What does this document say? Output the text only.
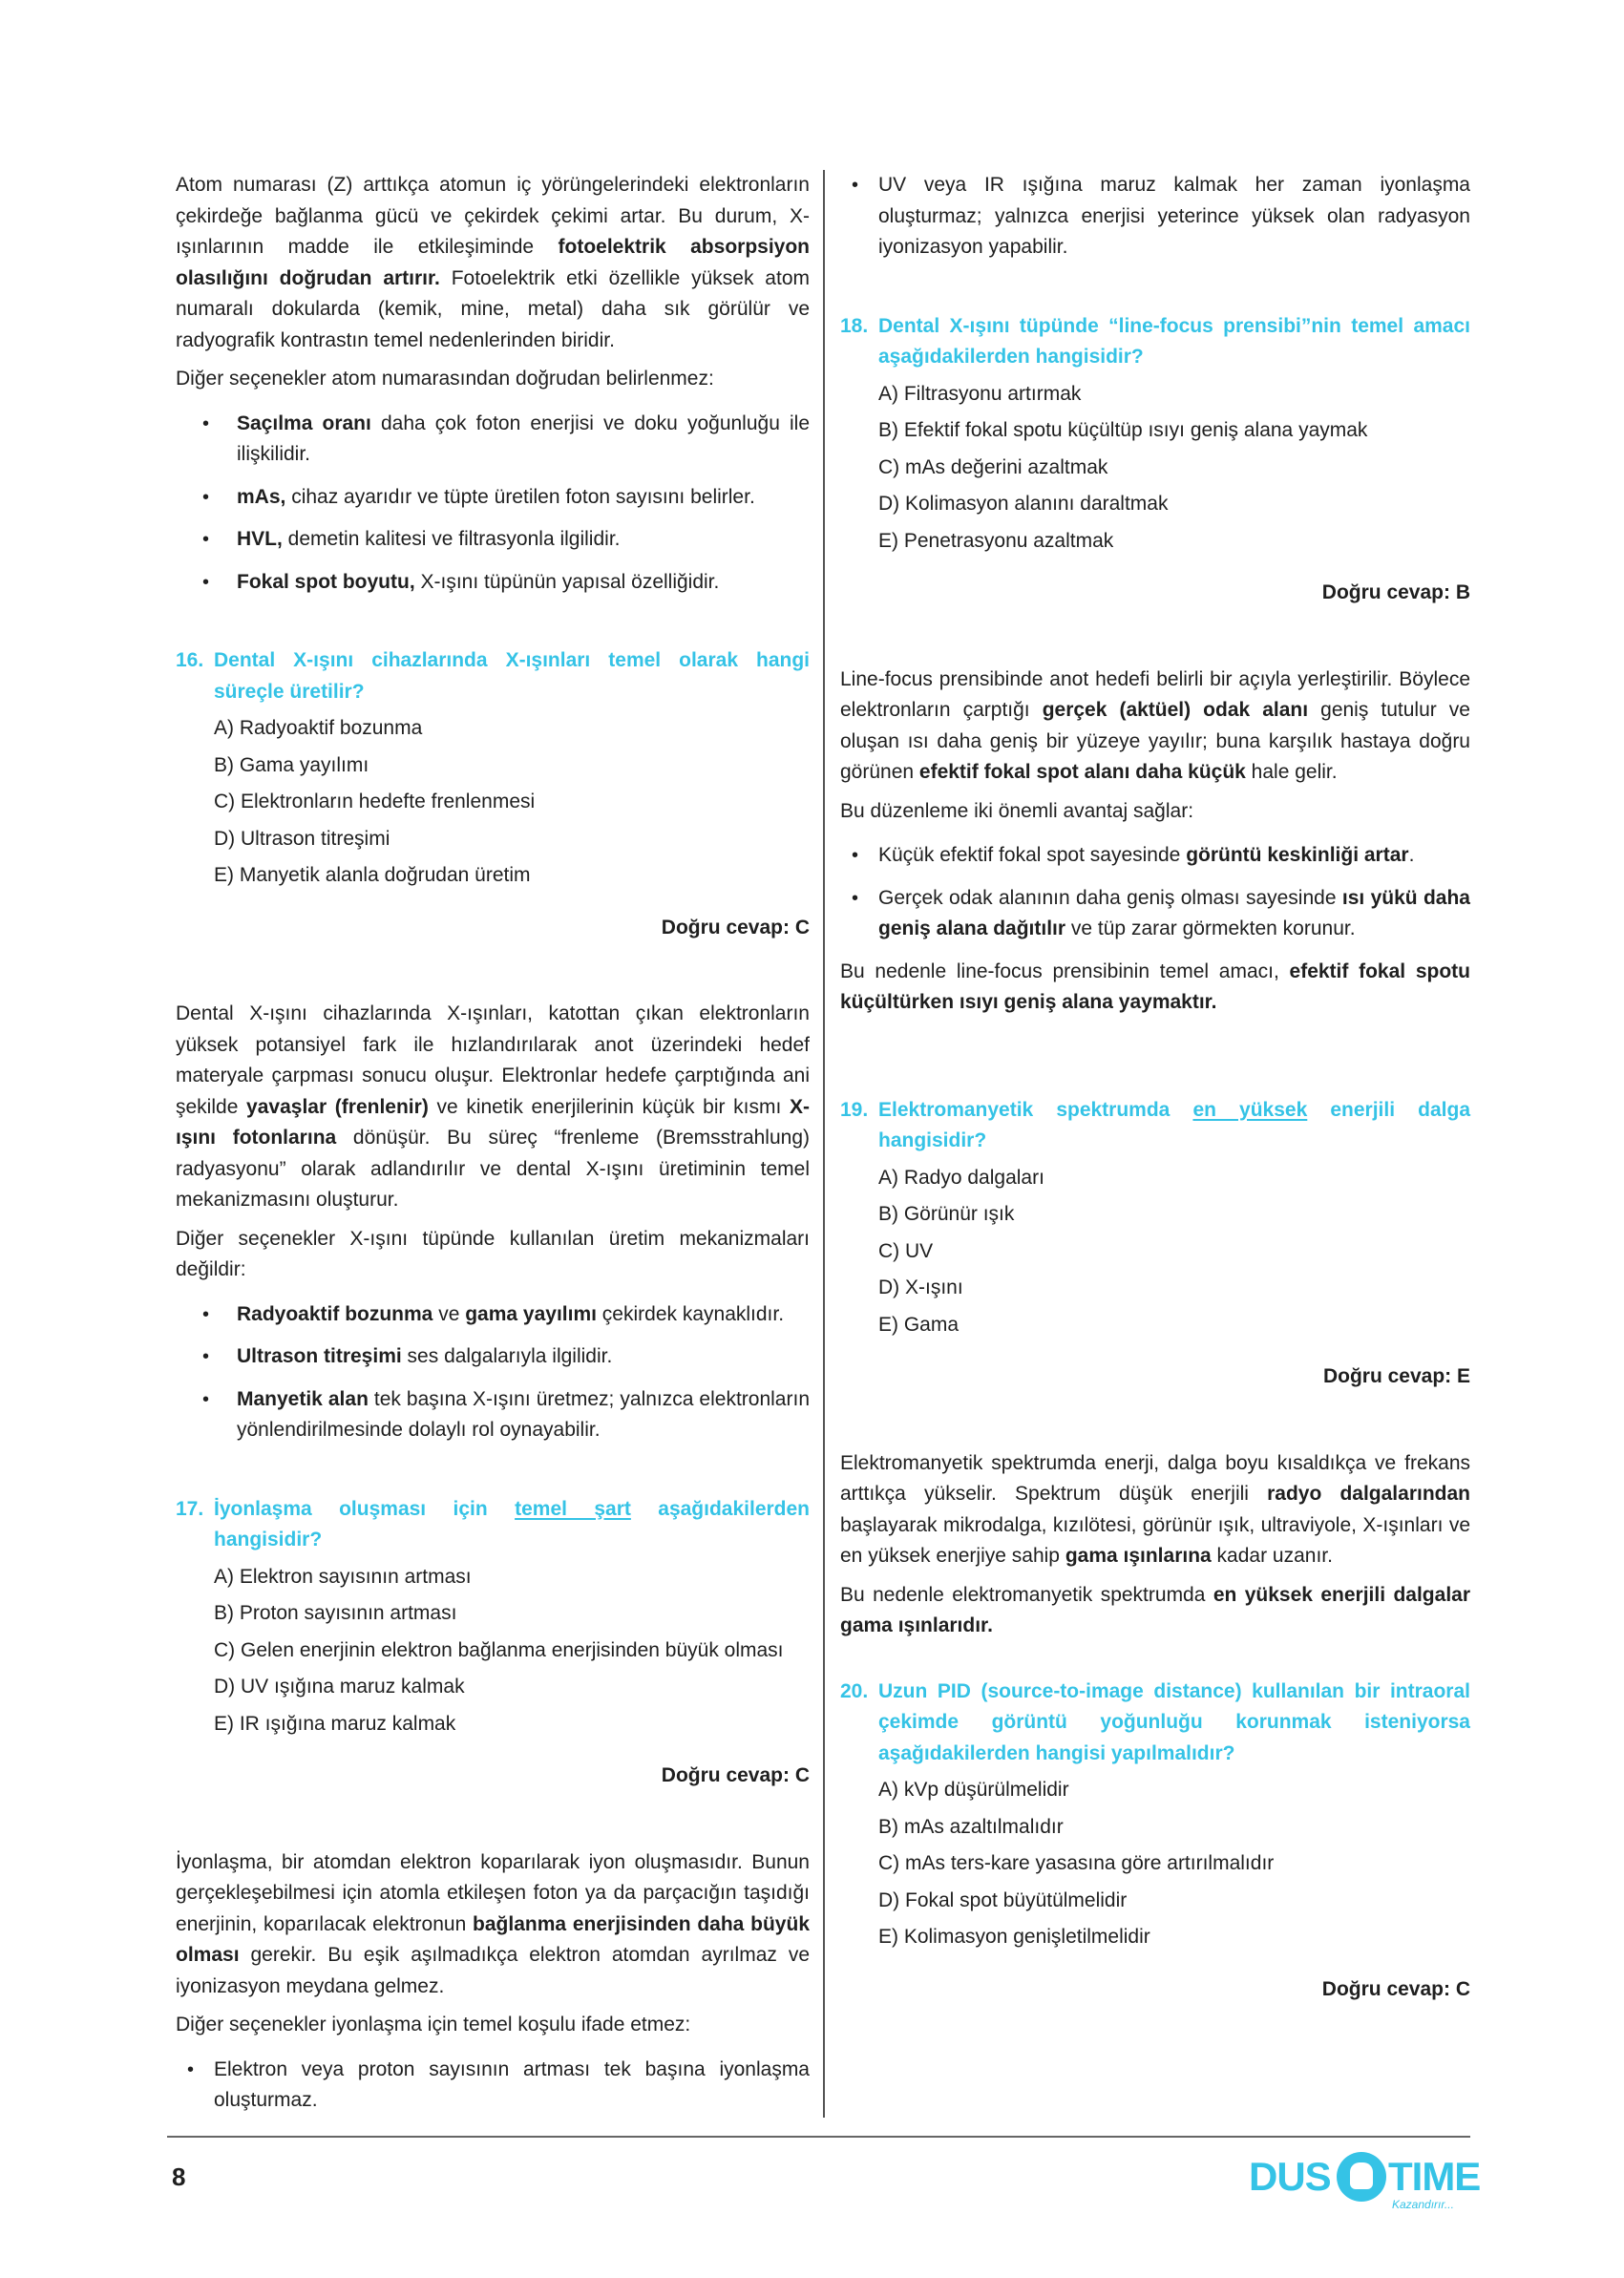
Atom numarası (Z) arttıkça atomun iç yörüngelerindeki elektronların çekirdeğe bağlanma gücü ve çekirdek çekimi artar. Bu durum, X-ışınlarının madde ile etkileşiminde fotoelektrik absorpsiyon olasılığını doğrudan artırır. Fotoelektrik etki özellikle yüksek atom numaralı dokularda (kemik, mine, metal) daha sık görülür ve radyografik kontrastın temel nedenlerinden biridir.

Diğer seçenekler atom numarasından doğrudan belirlenmez:

• Saçılma oranı daha çok foton enerjisi ve doku yoğunluğu ile ilişkilidir.
• mAs, cihaz ayarıdır ve tüpte üretilen foton sayısını belirler.
• HVL, demetin kalitesi ve filtrasyonla ilgilidir.
• Fokal spot boyutu, X-ışını tüpünün yapısal özelliğidir.
16. Dental X-ışını cihazlarında X-ışınları temel olarak hangi süreçle üretilir?
A) Radyoaktif bozunma
B) Gama yayılımı
C) Elektronların hedefte frenlenmesi
D) Ultrason titreşimi
E) Manyetik alanla doğrudan üretim
Doğru cevap: C

Dental X-ışını cihazlarında X-ışınları, katottan çıkan elektronların yüksek potansiyel fark ile hızlandırılarak anot üzerindeki hedef materyale çarpması sonucu oluşur. Elektronlar hedefe çarptığında ani şekilde yavaşlar (frenlenir) ve kinetik enerjilerinin küçük bir kısmı X-ışını fotonlarına dönüşür. Bu süreç “frenleme (Bremsstrahlung) radyasyonu” olarak adlandırılır ve dental X-ışını üretiminin temel mekanizmasını oluşturur.

Diğer seçenekler X-ışını tüpünde kullanılan üretim mekanizmaları değildir:

• Radyoaktif bozunma ve gama yayılımı çekirdek kaynaklıdır.
• Ultrason titreşimi ses dalgalarıyla ilgilidir.
• Manyetik alan tek başına X-ışını üretmez; yalnızca elektronların yönlendirilmesinde dolaylı rol oynayabilir.
17. İyonlaşma oluşması için temel şart aşağıdakilerden hangisidir?
A) Elektron sayısının artması
B) Proton sayısının artması
C) Gelen enerjinin elektron bağlanma enerjisinden büyük olması
D) UV ışığına maruz kalmak
E) IR ışığına maruz kalmak
Doğru cevap: C

İyonlaşma, bir atomdan elektron koparılarak iyon oluşmasıdır. Bunun gerçekleşebilmesi için atomla etkileşen foton ya da parçacığın taşıdığı enerjinin, koparılacak elektronun bağlanma enerjisinden daha büyük olması gerekir. Bu eşik aşılmadıkça elektron atomdan ayrılmaz ve iyonizasyon meydana gelmez.

Diğer seçenekler iyonlaşma için temel koşulu ifade etmez:

• Elektron veya proton sayısının artması tek başına iyonlaşma oluşturmaz.
• UV veya IR ışığına maruz kalmak her zaman iyonlaşma oluşturmaz; yalnızca enerjisi yeterince yüksek olan radyasyon iyonizasyon yapabilir.
18. Dental X-ışını tüpünde “line-focus prensibi”nin temel amacı aşağıdakilerden hangisidir?
A) Filtrasyonu artırmak
B) Efektif fokal spotu küçültüp ısıyı geniş alana yaymak
C) mAs değerini azaltmak
D) Kolimasyon alanını daraltmak
E) Penetrasyonu azaltmak
Doğru cevap: B

Line-focus prensibinde anot hedefi belirli bir açıyla yerleştirilir. Böylece elektronların çarptığı gerçek (aktüel) odak alanı geniş tutulur ve oluşan ısı daha geniş bir yüzeye yayılır; buna karşılık hastaya doğru görünen efektif fokal spot alanı daha küçük hale gelir.

Bu düzenleme iki önemli avantaj sağlar:

• Küçük efektif fokal spot sayesinde görüntü keskinliği artar.
• Gerçek odak alanının daha geniş olması sayesinde ısı yükü daha geniş alana dağıtılır ve tüp zarar görmekten korunur.

Bu nedenle line-focus prensibinin temel amacı, efektif fokal spotu küçültürken ısıyı geniş alana yaymaktır.

19. Elektromanyetik spektrumda en yüksek enerjili dalga hangisidir?
A) Radyo dalgaları
B) Görünür ışık
C) UV
D) X-ışını
E) Gama
Doğru cevap: E

Elektromanyetik spektrumda enerji, dalga boyu kısaldıkça ve frekans arttıkça yükselir. Spektrum düşük enerjili radyo dalgalarından başlayarak mikrodalga, kızılötesi, görünür ışık, ultraviyole, X-ışınları ve en yüksek enerjiye sahip gama ışınlarına kadar uzanır.

Bu nedenle elektromanyetik spektrumda en yüksek enerjili dalgalar gama ışınlarıdır.

20. Uzun PID (source-to-image distance) kullanılan bir intraoral çekimde görüntü yoğunluğu korunmak isteniyorsa aşağıdakilerden hangisi yapılmalıdır?
A) kVp düşürülmelidir
B) mAs azaltılmalıdır
C) mAs ters-kare yasasına göre artırılmalıdır
D) Fokal spot büyütülmelidir
E) Kolimasyon genişletilmelidir
Doğru cevap: C
8	DUS TIME
Kazandırır...
